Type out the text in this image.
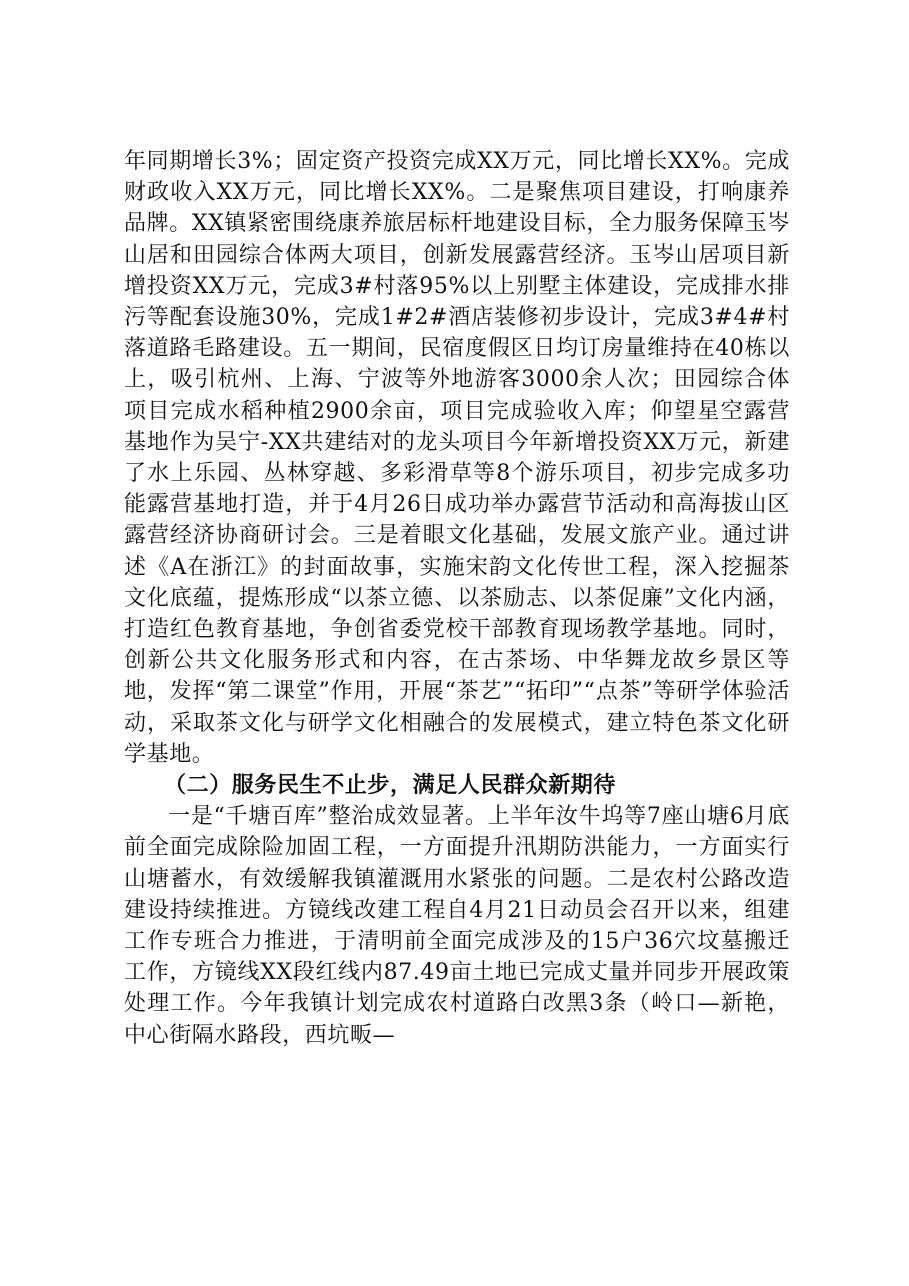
年同期增长3%；固定资产投资完成XX万元，同比增长XX%。完成财政收入XX万元，同比增长XX%。二是聚焦项目建设，打响康养品牌。XX镇紧密围绕康养旅居标杆地建设目标，全力服务保障玉岑山居和田园综合体两大项目，创新发展露营经济。玉岑山居项目新增投资XX万元，完成3#村落95%以上别墅主体建设，完成排水排污等配套设施30%，完成1#2#酒店装修初步设计，完成3#4#村落道路毛路建设。五一期间，民宿度假区日均订房量维持在40栋以上，吸引杭州、上海、宁波等外地游客3000余人次；田园综合体项目完成水稻种植2900余亩，项目完成验收入库；仰望星空露营基地作为吴宁-XX共建结对的龙头项目今年新增投资XX万元，新建了水上乐园、丛林穿越、多彩滑草等8个游乐项目，初步完成多功能露营基地打造，并于4月26日成功举办露营节活动和高海拔山区露营经济协商研讨会。三是着眼文化基础，发展文旅产业。通过讲述《A在浙江》的封面故事，实施宋韵文化传世工程，深入挖掘茶文化底蕴，提炼形成“以茶立德、以茶励志、以茶促廉”文化内涵，打造红色教育基地，争创省委党校干部教育现场教学基地。同时，创新公共文化服务形式和内容，在古茶场、中华舞龙故乡景区等地，发挥“第二课堂”作用，开展“茶艺”“拓印”“点茶”等研学体验活动，采取茶文化与研学文化相融合的发展模式，建立特色茶文化研学基地。

（二）服务民生不止步，满足人民群众新期待

一是“千塘百库”整治成效显著。上半年汝牛坞等7座山塘6月底前全面完成除险加固工程，一方面提升汛期防洪能力，一方面实行山塘蓄水，有效缓解我镇灌溉用水紧张的问题。二是农村公路改造建设持续推进。方镜线改建工程自4月21日动员会召开以来，组建工作专班合力推进，于清明前全面完成涉及的15户36穴坟墓搬迁工作，方镜线XX段红线内87.49亩土地已完成丈量并同步开展政策处理工作。今年我镇计划完成农村道路白改黑3条（岭口—新艳，中心街隔水路段，西坑畈—
